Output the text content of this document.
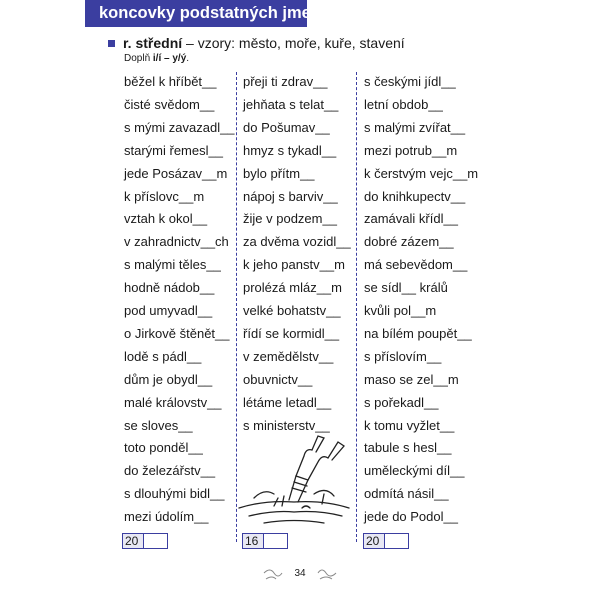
koncovky podstatných jmen
r. střední – vzory: město, moře, kuře, stavení
Doplň i/í – y/ý.
běžel k hříbět__
čisté svědom__
s mými zavazadl__
starými řemesl__
jede Posázav__m
k příslovc__m
vztah k okol__
v zahradnictv__ch
s malými těles__
hodně nádob__
pod umyvadl__
o Jirkově štěnět__
lodě s pádl__
dům je obydl__
malé královstv__
se sloves__
toto ponděl__
do železářstv__
s dlouhými bidl__
mezi údolím__
přeji ti zdrav__
jehňata s telat__
do Pošumav__
hmyz s tykadl__
bylo přítm__
nápoj s barviv__
žije v podzem__
za dvěma vozidl__
k jeho panstv__m
prolézá mláz__m
velké bohatstv__
řídí se kormidl__
v zemědělstv__
obuvnictv__
létáme letadl__
s ministerstv__
s českými jídl__
letní obdob__
s malými zvířat__
mezi potrub__m
k čerstvým vejc__m
do knihkupectv__
zamávali křídl__
dobré zázem__
má sebevědom__
se sídl__ králů
kvůli pol__m
na bílém poupět__
s příslovím__
maso se zel__m
s pořekadl__
k tomu vyžlet__
tabule s hesl__
uměleckými díl__
odmítá násil__
jede do Podol__
20	16	20
34
